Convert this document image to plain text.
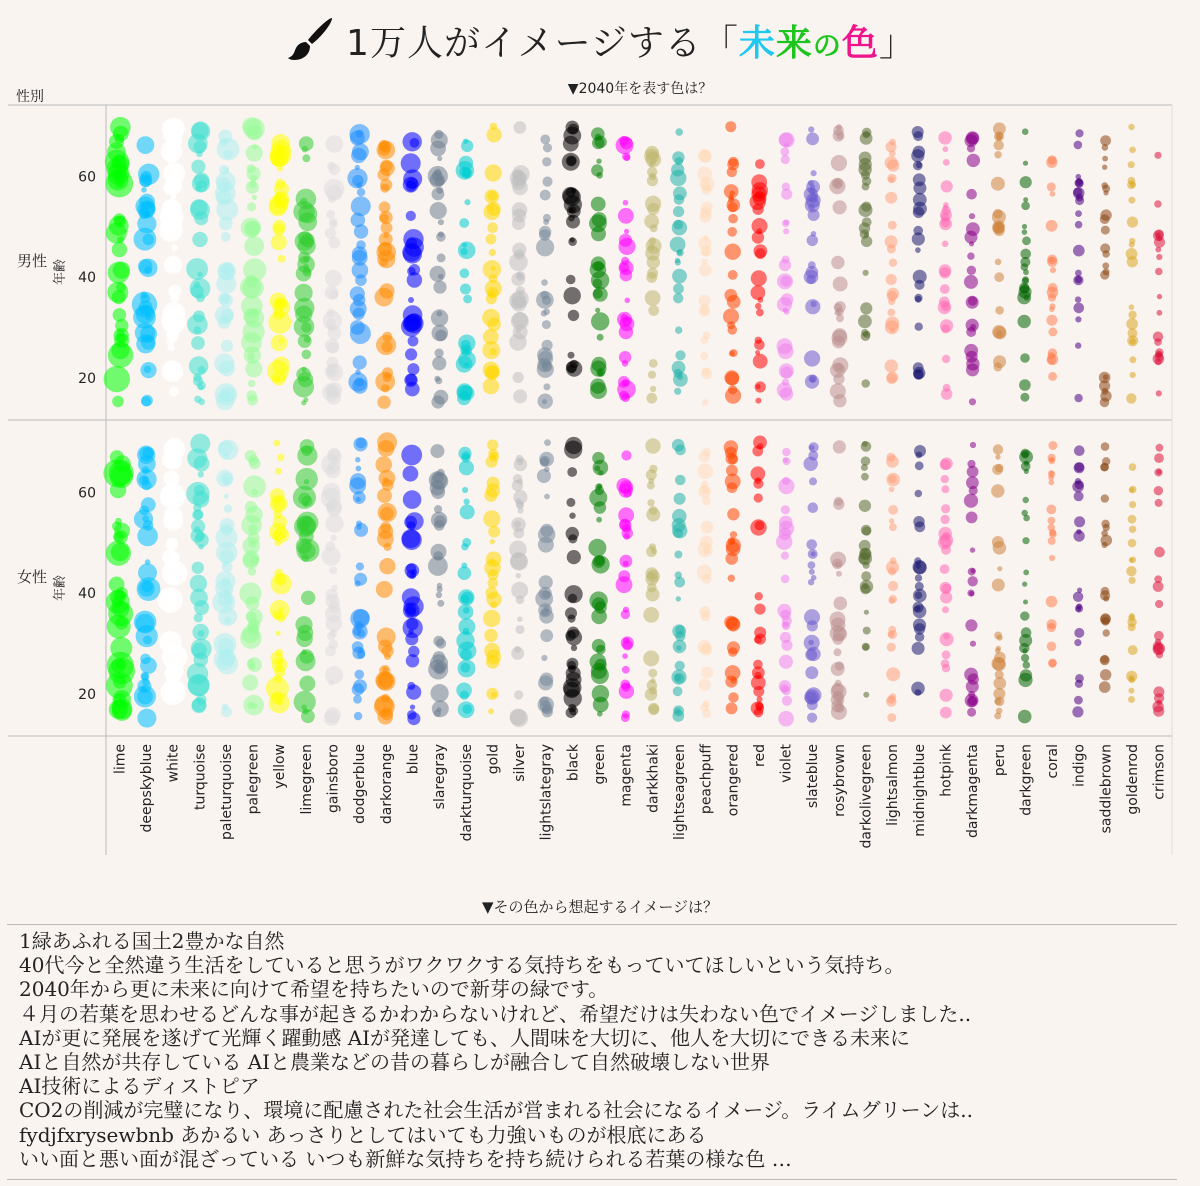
1万人がイメージする「未来の色」
性別	▼2040年を表す色は？
男性 年齢
20
40
60
女性 年齢
20
40
60
lime deepskyblue white turquoise paleturquoise palegreen yellow limegreen gainsboro dodgerblue darkorange blue slaregray darkturquoise gold silver lightslategray black green magenta darkkhaki lightseagreen peachpuff orangered red violet slateblue rosybrown darkolivegreen lightsalmon midnightblue hotpink darkmagenta peru darkgreen coral indigo saddlebrown goldenrod crimson
▼その色から想起するイメージは？
1緑あふれる国土2豊かな自然
40代今と全然違う生活をしていると思うがワクワクする気持ちをもっていてほしいという気持ち。
2040年から更に未来に向けて希望を持ちたいので新芽の緑です。
４月の若葉を思わせるどんな事が起きるかわからないけれど、希望だけは失わない色でイメージしました..
AIが更に発展を遂げて光輝く躍動感 AIが発達しても、人間味を大切に、他人を大切にできる未来に
AIと自然が共存している AIと農業などの昔の暮らしが融合して自然破壊しない世界
AI技術によるディストピア
CO2の削減が完璧になり、環境に配慮された社会生活が営まれる社会になるイメージ。ライムグリーンは..
fydjfxrysewbnb あかるい あっさりとしてはいても力強いものが根底にある
いい面と悪い面が混ざっている いつも新鮮な気持ちを持ち続けられる若葉の様な色 …
